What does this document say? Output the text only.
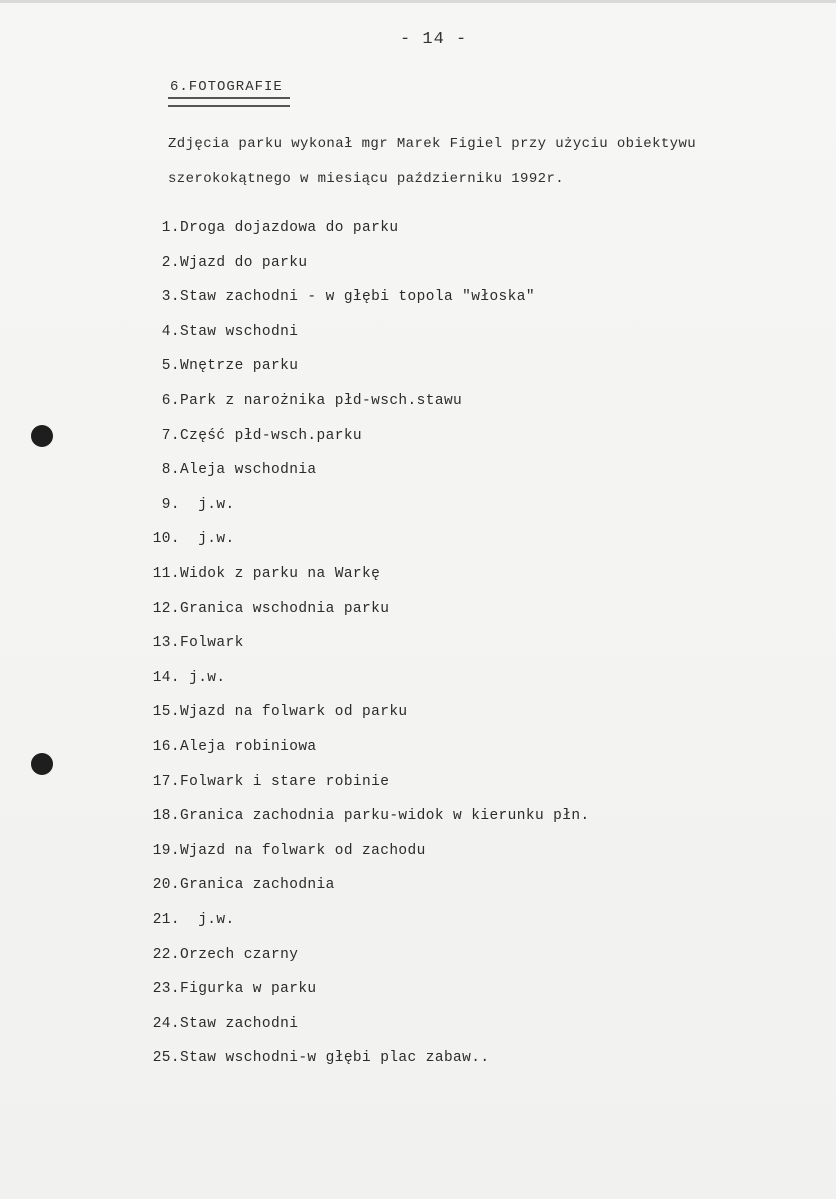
- 14 -
6.FOTOGRAFIE
Zdjęcia parku wykonał mgr Marek Figiel przy użyciu obiektywu
szerokokątnego w miesiącu październiku 1992r.
1.Droga dojazdowa do parku
2.Wjazd do parku
3.Staw zachodni - w głębi topola "włoska"
4.Staw wschodni
5.Wnętrze parku
6.Park z narożnika płd-wsch.stawu
7.Część płd-wsch.parku
8.Aleja wschodnia
9.  j.w.
10.  j.w.
11.Widok z parku na Warkę
12.Granica wschodnia parku
13.Folwark
14. j.w.
15.Wjazd na folwark od parku
16.Aleja robiniowa
17.Folwark i stare robinie
18.Granica zachodnia parku-widok w kierunku płn.
19.Wjazd na folwark od zachodu
20.Granica zachodnia
21.  j.w.
22.Orzech czarny
23.Figurka w parku
24.Staw zachodni
25.Staw wschodni-w głębi plac zabaw..
